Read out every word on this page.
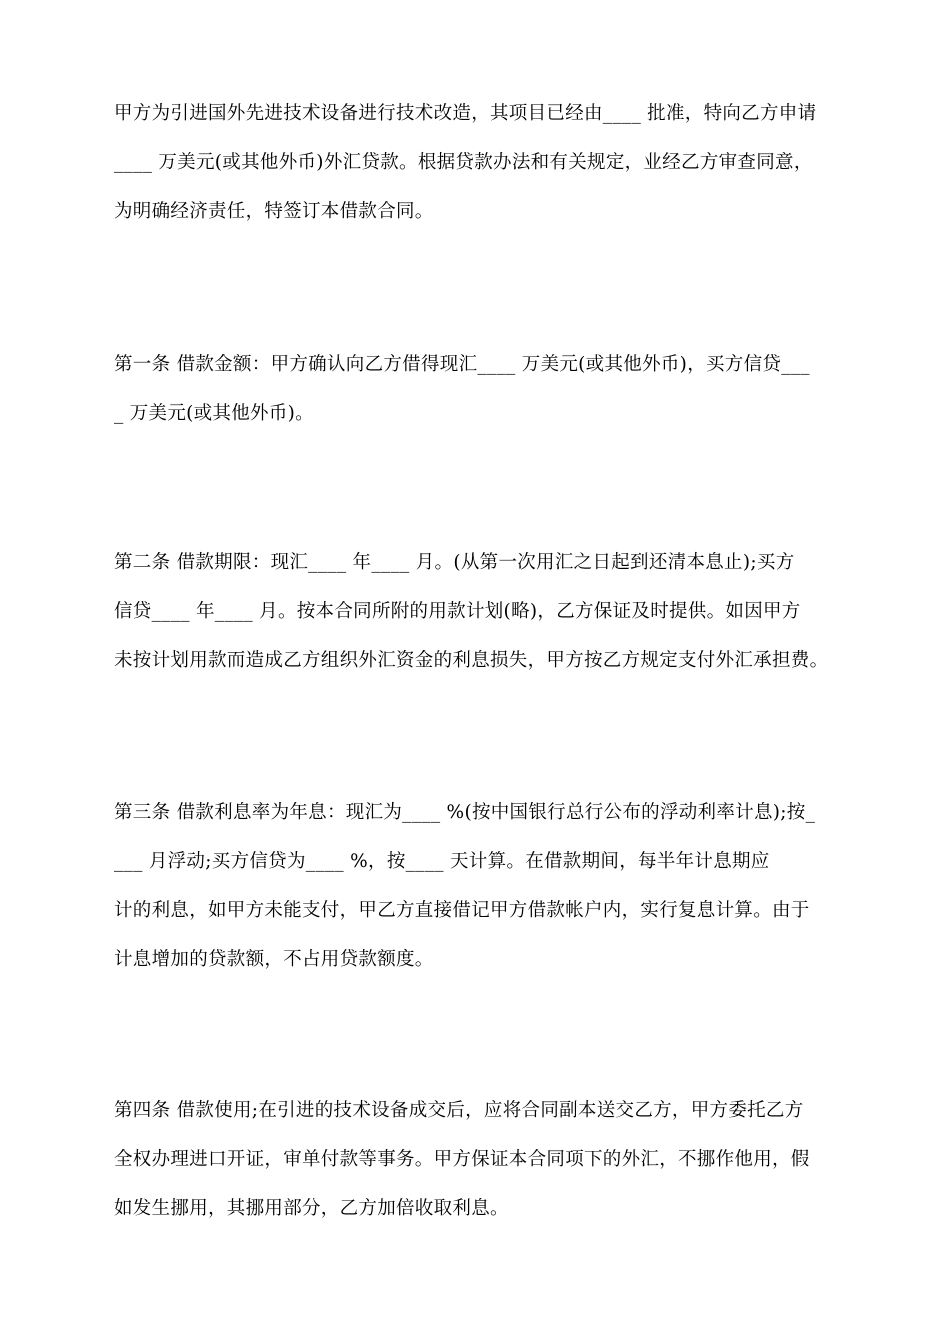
甲方为引进国外先进技术设备进行技术改造，其项目已经由____ 批准，特向乙方申请
____ 万美元(或其他外币)外汇贷款。根据贷款办法和有关规定，业经乙方审查同意，
为明确经济责任，特签订本借款合同。
第一条 借款金额：甲方确认向乙方借得现汇____ 万美元(或其他外币)，买方信贷___
_ 万美元(或其他外币)。
第二条 借款期限：现汇____ 年____ 月。(从第一次用汇之日起到还清本息止);买方
信贷____ 年____ 月。按本合同所附的用款计划(略)，乙方保证及时提供。如因甲方
未按计划用款而造成乙方组织外汇资金的利息损失，甲方按乙方规定支付外汇承担费。
第三条 借款利息率为年息：现汇为____ %(按中国银行总行公布的浮动利率计息);按_
___ 月浮动;买方信贷为____ %，按____ 天计算。在借款期间，每半年计息期应
计的利息，如甲方未能支付，甲乙方直接借记甲方借款帐户内，实行复息计算。由于
计息增加的贷款额，不占用贷款额度。
第四条 借款使用;在引进的技术设备成交后，应将合同副本送交乙方，甲方委托乙方
全权办理进口开证，审单付款等事务。甲方保证本合同项下的外汇，不挪作他用，假
如发生挪用，其挪用部分，乙方加倍收取利息。
